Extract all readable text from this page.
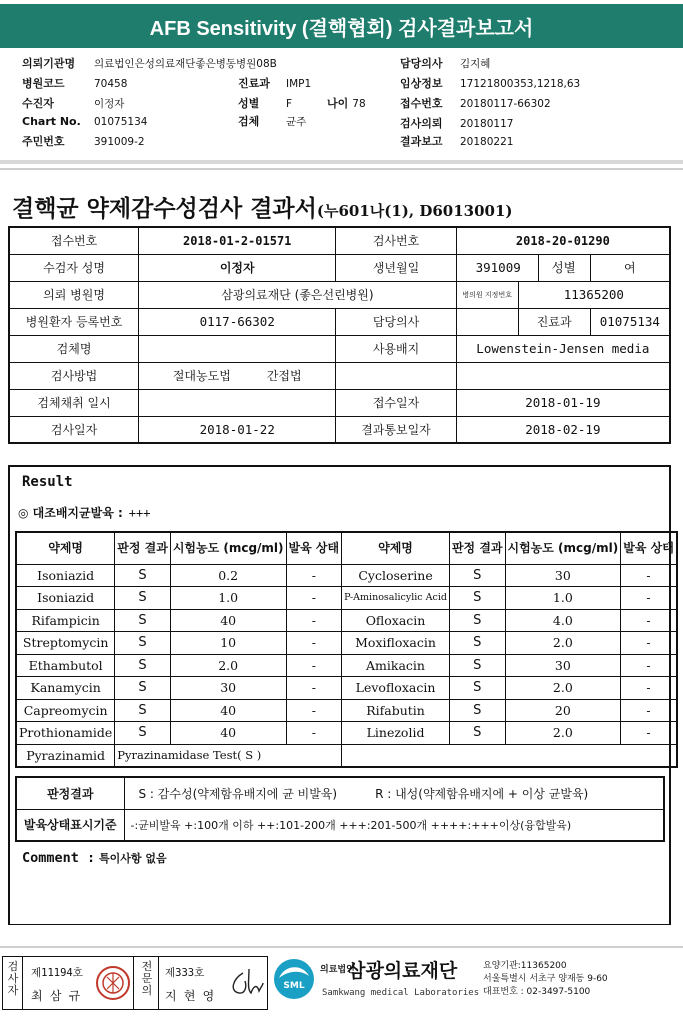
AFB Sensitivity (결핵협회) 검사결과보고서
의뢰기관명 의료법인은성의료재단좋은병동병원08B
병원코드	70458
수진자	이정자
Chart No. 01075134
주민번호	391009-2
진료과 IMP1
성별	F	나이 78
검체	균주
담당의사 김지혜
임상정보 17121800353,1218,63
접수번호 20180117-66302
검사의뢰 20180117
결과보고 20180221
결핵균 약제감수성검사 결과서(누601나(1), D6013001)
접수번호	2018-01-2-01571	검사번호	2018-20-01290		
수검자 성명	이정자	생년월일	391009 성별		여
의뢰 병원명	삼광의료재단 (좋은선린병원)		병의원 지정번호	11365200	
병원환자 등록번호	0117-66302	담당의사		진료과	01075134
검체명		사용배지	Lowenstein-Jensen media		
검사방법	절대농도법 간접법				
검체채취 일시		접수일자	2018-01-19		
검사일자	2018-01-22	결과통보일자	2018-02-19		
Result
◎ 대조배지균발육 : +++
약제명	판정 결과	시험농도 (mcg/ml)	발육 상태	약제명	판정 결과	시험농도 (mcg/ml)	발육 상태
Isoniazid	S	0.2	-	Cycloserine	S	30	-
Isoniazid	S	1.0	-	P-Aminosalicylic Acid	S	1.0	-
Rifampicin	S	40	-	Ofloxacin	S	4.0	-
Streptomycin	S	10	-	Moxifloxacin	S	2.0	-
Ethambutol	S	2.0	-	Amikacin	S	30	-
Kanamycin	S	30	-	Levofloxacin	S	2.0	-
Capreomycin	S	40	-	Rifabutin	S	20	-
Prothionamide	S	40	-	Linezolid	S	2.0	-
Pyrazinamid	Pyrazinamidase Test( S )						
판정결과	S : 감수성(약제함유배지에 균 비발육) R : 내성(약제함유배지에 + 이상 균발육)
발육상태표시기준	-:균비발육 +:100개 이하 ++:101-200개 +++:201-500개 ++++:+++이상(융합발육)
Comment : 특이사항 없음
검
사
자
제11194호
최 삼 규
전
문
의
제333호
지 현 영
SML
의료법인 삼광의료재단
Samkwang medical Laboratories
요양기관:11365200
서울특별시 서초구 양재동 9-60
대표번호 : 02-3497-5100
